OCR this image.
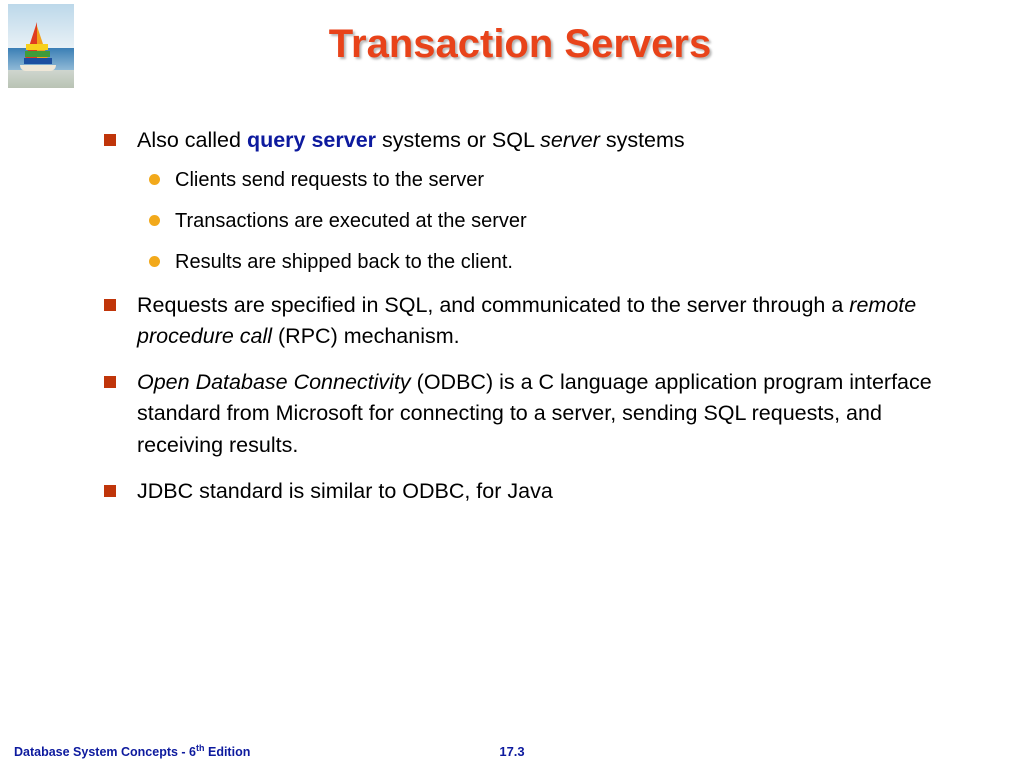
Transaction Servers
Also called query server systems or SQL server systems
Clients send requests to the server
Transactions are executed at the server
Results are shipped back to the client.
Requests are specified in SQL, and communicated to the server through a remote procedure call (RPC) mechanism.
Open Database Connectivity (ODBC) is a C language application program interface standard from Microsoft for connecting to a server, sending SQL requests, and receiving results.
JDBC standard is similar to ODBC, for Java
Database System Concepts - 6th Edition	17.3
